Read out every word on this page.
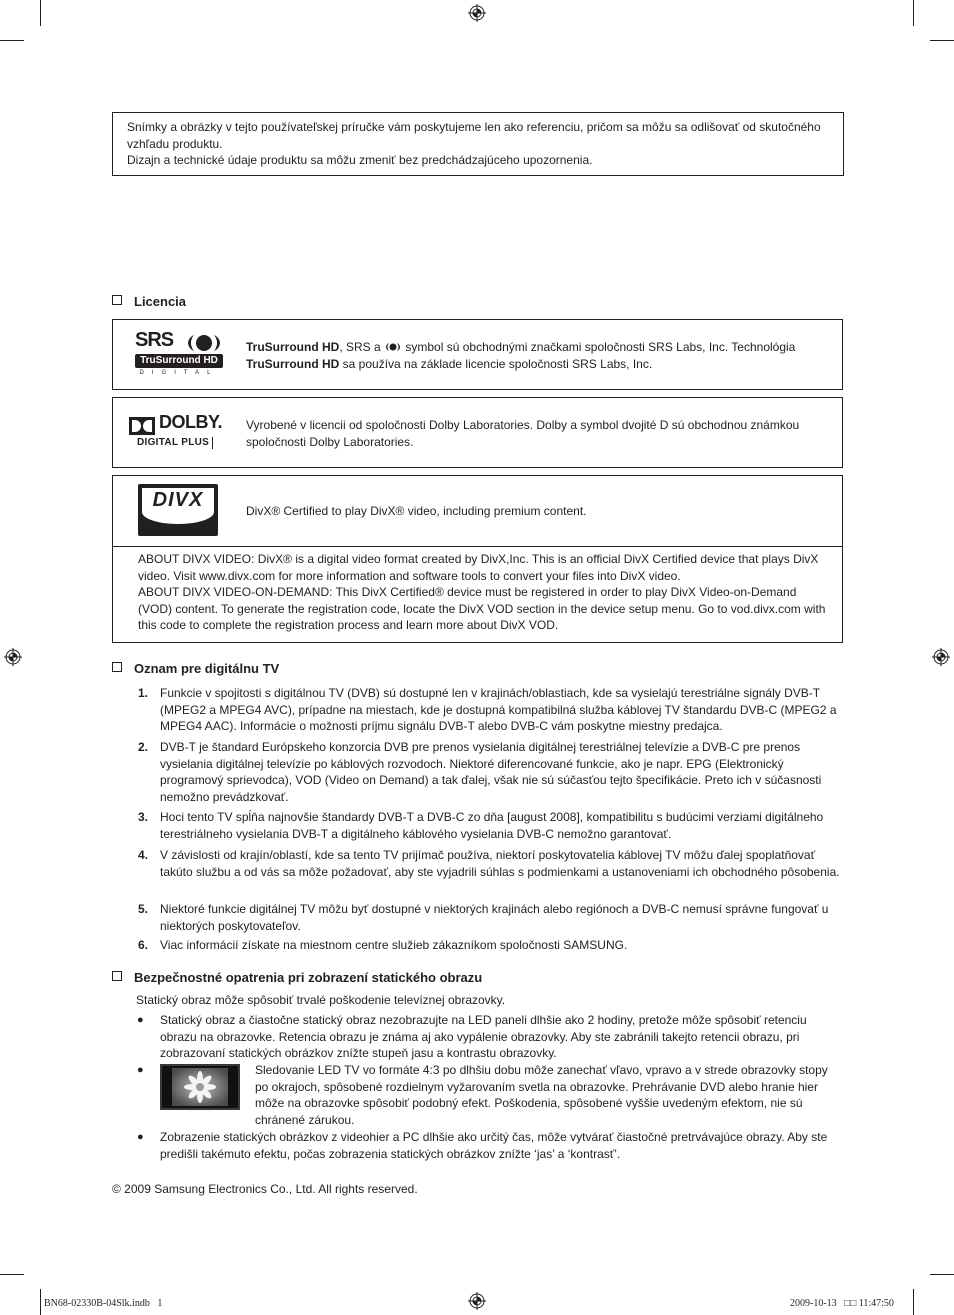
Snímky a obrázky v tejto používateľskej príručke vám poskytujeme len ako referenciu, pričom sa môžu sa odlišovať od skutočného vzhľadu produktu.

Dizajn a technické údaje produktu sa môžu zmeniť bez predchádzajúceho upozornenia.

Licencia
SRS
TruSurround HD
DIGITAL
TruSurround HD, SRS a symbol sú obchodnými značkami spoločnosti SRS Labs, Inc. Technológia
TruSurround HD sa používa na základe licencie spoločnosti SRS Labs, Inc.
DOLBY.
DIGITAL PLUS
Vyrobené v licencii od spoločnosti Dolby Laboratories. Dolby a symbol dvojité D sú obchodnou známkou spoločnosti Dolby Laboratories.
DIVX	DivX® Certified to play DivX® video, including premium content.
ABOUT DIVX VIDEO: DivX® is a digital video format created by DivX,Inc. This is an official DivX Certified device that plays DivX video. Visit www.divx.com for more information and software tools to convert your files into DivX video.
ABOUT DIVX VIDEO-ON-DEMAND: This DivX Certified® device must be registered in order to play DivX Video-on-Demand (VOD) content. To generate the registration code, locate the DivX VOD section in the device setup menu. Go to vod.divx.com with this code to complete the registration process and learn more about DivX VOD.
Oznam pre digitálnu TV
1. Funkcie v spojitosti s digitálnou TV (DVB) sú dostupné len v krajinách/oblastiach, kde sa vysielajú terestriálne signály DVB-T (MPEG2 a MPEG4 AVC), prípadne na miestach, kde je dostupná kompatibilná služba káblovej TV štandardu DVB-C (MPEG2 a MPEG4 AAC). Informácie o možnosti príjmu signálu DVB-T alebo DVB-C vám poskytne miestny predajca.
2. DVB-T je štandard Európskeho konzorcia DVB pre prenos vysielania digitálnej terestriálnej televízie a DVB-C pre prenos vysielania digitálnej televízie po káblových rozvodoch. Niektoré diferencované funkcie, ako je napr. EPG (Elektronický programový sprievodca), VOD (Video on Demand) a tak ďalej, však nie sú súčasťou tejto špecifikácie. Preto ich v súčasnosti nemožno prevádzkovať.
3. Hoci tento TV spĺňa najnovšie štandardy DVB-T a DVB-C zo dňa [august 2008], kompatibilitu s budúcimi verziami digitálneho terestriálneho vysielania DVB-T a digitálneho káblového vysielania DVB-C nemožno garantovať.
4. V závislosti od krajín/oblastí, kde sa tento TV prijímač používa, niektorí poskytovatelia káblovej TV môžu ďalej spoplatňovať takúto službu a od vás sa môže požadovať, aby ste vyjadrili súhlas s podmienkami a ustanoveniami ich obchodného pôsobenia.
5. Niektoré funkcie digitálnej TV môžu byť dostupné v niektorých krajinách alebo regiónoch a DVB-C nemusí správne fungovať u niektorých poskytovateľov.
6. Viac informácií získate na miestnom centre služieb zákazníkom spoločnosti SAMSUNG.
Bezpečnostné opatrenia pri zobrazení statického obrazu
Statický obraz môže spôsobiť trvalé poškodenie televíznej obrazovky.
● Statický obraz a čiastočne statický obraz nezobrazujte na LED paneli dlhšie ako 2 hodiny, pretože môže spôsobiť retenciu obrazu na obrazovke. Retencia obrazu je známa aj ako vypálenie obrazovky. Aby ste zabránili takejto retencii obrazu, pri zobrazovaní statických obrázkov znížte stupeň jasu a kontrastu obrazovky.
●	Sledovanie LED TV vo formáte 4:3 po dlhšiu dobu môže zanechať vľavo, vpravo a v strede obrazovky stopy po okrajoch, spôsobené rozdielnym vyžarovaním svetla na obrazovke. Prehrávanie DVD alebo hranie hier môže na obrazovke spôsobiť podobný efekt. Poškodenia, spôsobené vyššie uvedeným efektom, nie sú chránené zárukou.
● Zobrazenie statických obrázkov z videohier a PC dlhšie ako určitý čas, môže vytvárať čiastočné pretrvávajúce obrazy. Aby ste predišli takémuto efektu, počas zobrazenia statických obrázkov znížte ‘jas’ a ‘kontrasť’.
© 2009 Samsung Electronics Co., Ltd. All rights reserved.
BN68-02330B-04Slk.indb   1	2009-10-13   □□ 11:47:50
